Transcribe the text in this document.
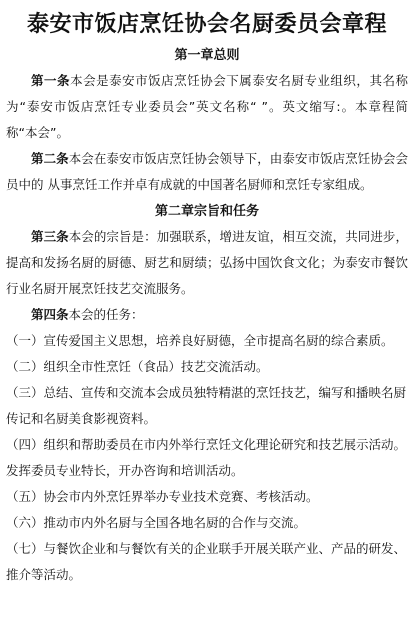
泰安市饭店烹饪协会名厨委员会章程
第一章总则

第一条本会是泰安市饭店烹饪协会下属泰安名厨专业组织，其名称为“泰安市饭店烹饪专业委员会”英文名称“ ”。英文缩写:。本章程简称“本会”。

第二条本会在泰安市饭店烹饪协会领导下，由泰安市饭店烹饪协会会员中的 从事烹饪工作并卓有成就的中国著名厨师和烹饪专家组成。

第二章宗旨和任务

第三条本会的宗旨是：加强联系，增进友谊，相互交流，共同进步，提高和发扬名厨的厨德、厨艺和厨绩；弘扬中国饮食文化；为泰安市餐饮行业名厨开展烹饪技艺交流服务。

第四条本会的任务：

（一）宣传爱国主义思想，培养良好厨德，全市提高名厨的综合素质。

（二）组织全市性烹饪（食品）技艺交流活动。

（三）总结、宣传和交流本会成员独特精湛的烹饪技艺，编写和播映名厨传记和名厨美食影视资料。

（四）组织和帮助委员在市内外举行烹饪文化理论研究和技艺展示活动。发挥委员专业特长，开办咨询和培训活动。

（五）协会市内外烹饪界举办专业技术竞赛、考核活动。

（六）推动市内外名厨与全国各地名厨的合作与交流。

（七）与餐饮企业和与餐饮有关的企业联手开展关联产业、产品的研发、推介等活动。
